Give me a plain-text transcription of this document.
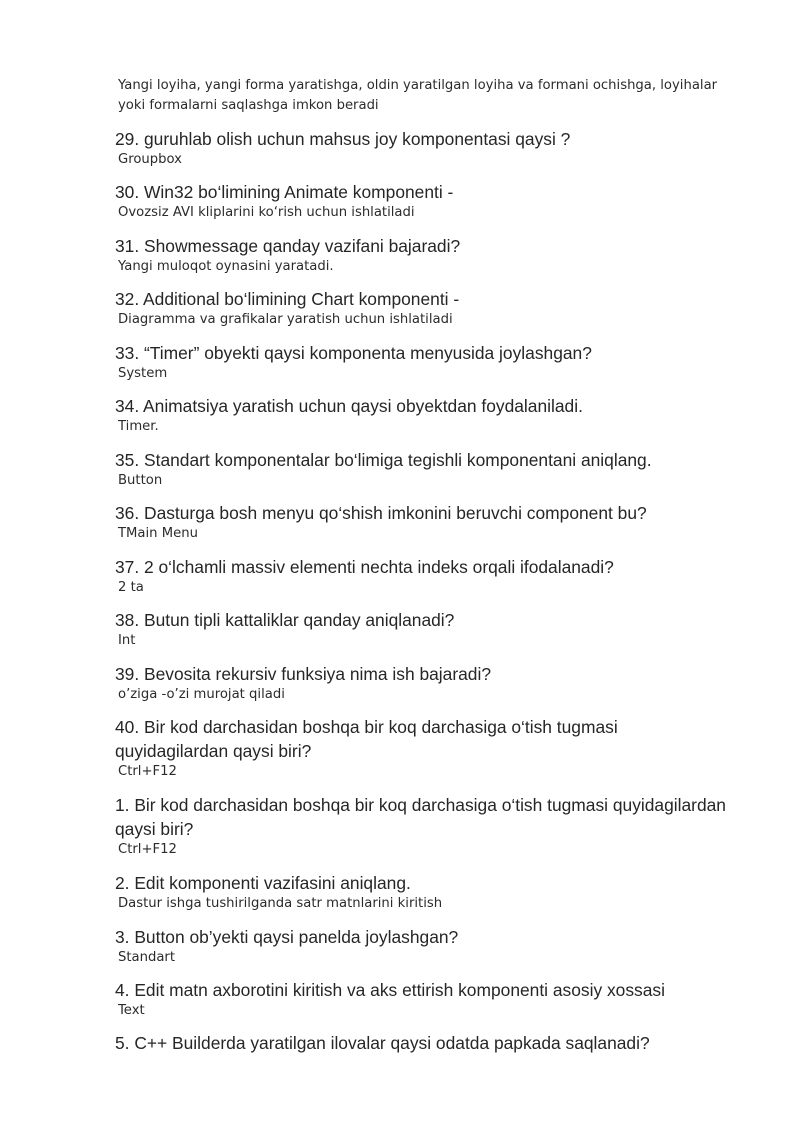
Yangi loyiha, yangi forma yaratishga, oldin yaratilgan loyiha va formani ochishga, loyihalar yoki formalarni saqlashga imkon beradi

29. guruhlab olish uchun mahsus joy komponentasi qaysi ?

Groupbox

30. Win32 bo‘limining Animate komponenti -

Ovozsiz AVI kliplarini ko‘rish uchun ishlatiladi

31. Showmessage qanday vazifani bajaradi?

Yangi muloqot oynasini yaratadi.

32. Additional bo‘limining Chart komponenti -

Diagramma va grafikalar yaratish uchun ishlatiladi

33. “Timer” obyekti qaysi komponenta menyusida joylashgan?

System

34. Animatsiya yaratish uchun qaysi obyektdan foydalaniladi.

Timer.

35. Standart komponentalar bo‘limiga tegishli komponentani aniqlang.

Button

36. Dasturga bosh menyu qo‘shish imkonini beruvchi component bu?

TMain Menu

37. 2 o‘lchamli massiv elementi nechta indeks orqali ifodalanadi?

2 ta

38. Butun tipli kattaliklar qanday aniqlanadi?

Int

39. Bevosita rekursiv funksiya nima ish bajaradi?

o’ziga -o’zi murojat qiladi

40. Bir kod darchasidan boshqa bir koq darchasiga o‘tish tugmasi quyidagilardan qaysi biri?

Ctrl+F12

1. Bir kod darchasidan boshqa bir koq darchasiga o‘tish tugmasi quyidagilardan qaysi biri?

Ctrl+F12

2. Edit komponenti vazifasini aniqlang.

Dastur ishga tushirilganda satr matnlarini kiritish

3. Button ob’yekti qaysi panelda joylashgan?

Standart

4. Edit matn axborotini kiritish va aks ettirish komponenti asosiy xossasi

Text

5. C++ Builderda yaratilgan ilovalar qaysi odatda papkada saqlanadi?
